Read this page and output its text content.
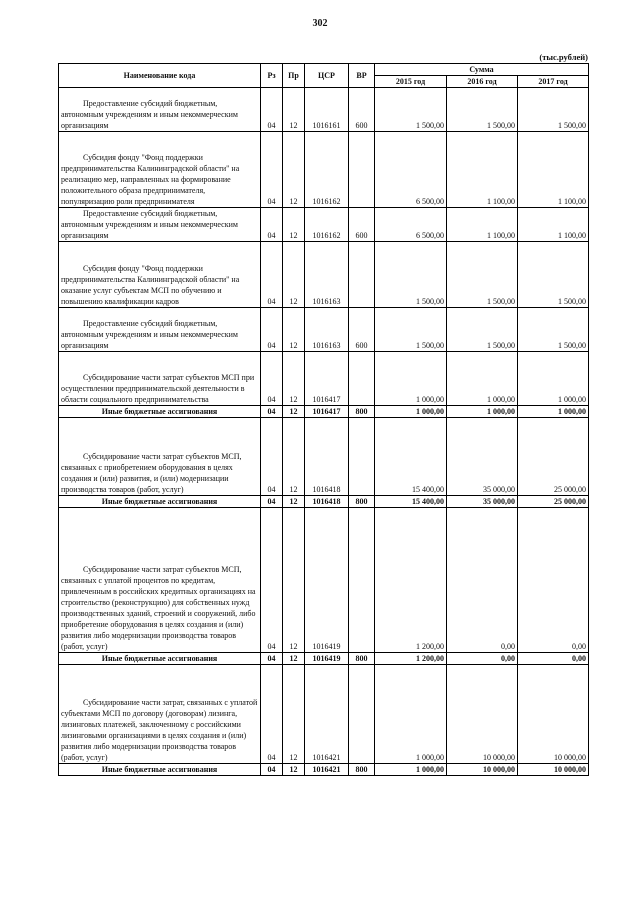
302
(тыс.рублей)
Наименование кода	Рз	Пр	ЦСР	ВР	Сумма		
					2015 год	2016 год	2017 год
Предоставление субсидий бюджетным, автономным учреждениям и иным некоммерческим организациям	04	12	1016161	600	1 500,00	1 500,00	1 500,00
Субсидия фонду "Фонд поддержки предпринимательства Калининградской области" на реализацию мер, направленных на формирование положительного образа предпринимателя, популяризацию роли предпринимателя	04	12	1016162		6 500,00	1 100,00	1 100,00
Предоставление субсидий бюджетным, автономным учреждениям и иным некоммерческим организациям	04	12	1016162	600	6 500,00	1 100,00	1 100,00
Субсидия фонду "Фонд поддержки предпринимательства Калининградской области" на оказание услуг субъектам МСП по обучению и повышению квалификации кадров	04	12	1016163		1 500,00	1 500,00	1 500,00
Предоставление субсидий бюджетным, автономным учреждениям и иным некоммерческим организациям	04	12	1016163	600	1 500,00	1 500,00	1 500,00
Субсидирование части затрат субъектов МСП при осуществлении предпринимательской деятельности в области социального предпринимательства	04	12	1016417		1 000,00	1 000,00	1 000,00
Иные бюджетные ассигнования	04	12	1016417	800	1 000,00	1 000,00	1 000,00
Субсидирование части затрат субъектов МСП, связанных с приобретением оборудования в целях создания и (или) развития, и (или) модернизации производства товаров (работ, услуг)	04	12	1016418		15 400,00	35 000,00	25 000,00
Иные бюджетные ассигнования	04	12	1016418	800	15 400,00	35 000,00	25 000,00
Субсидирование части затрат субъектов МСП, связанных с уплатой процентов по кредитам, привлеченным в российских кредитных организациях на строительство (реконструкцию) для собственных нужд производственных зданий, строений и сооружений, либо приобретение оборудования в целях создания и (или) развития либо модернизации производства товаров (работ, услуг)	04	12	1016419		1 200,00	0,00	0,00
Иные бюджетные ассигнования	04	12	1016419	800	1 200,00	0,00	0,00
Субсидирование части затрат, связанных с уплатой субъектами МСП по договору (договорам) лизинга, лизинговых платежей, заключенному с российскими лизинговыми организациями в целях создания и (или) развития либо модернизации производства товаров (работ, услуг)	04	12	1016421		1 000,00	10 000,00	10 000,00
Иные бюджетные ассигнования	04	12	1016421	800	1 000,00	10 000,00	10 000,00
